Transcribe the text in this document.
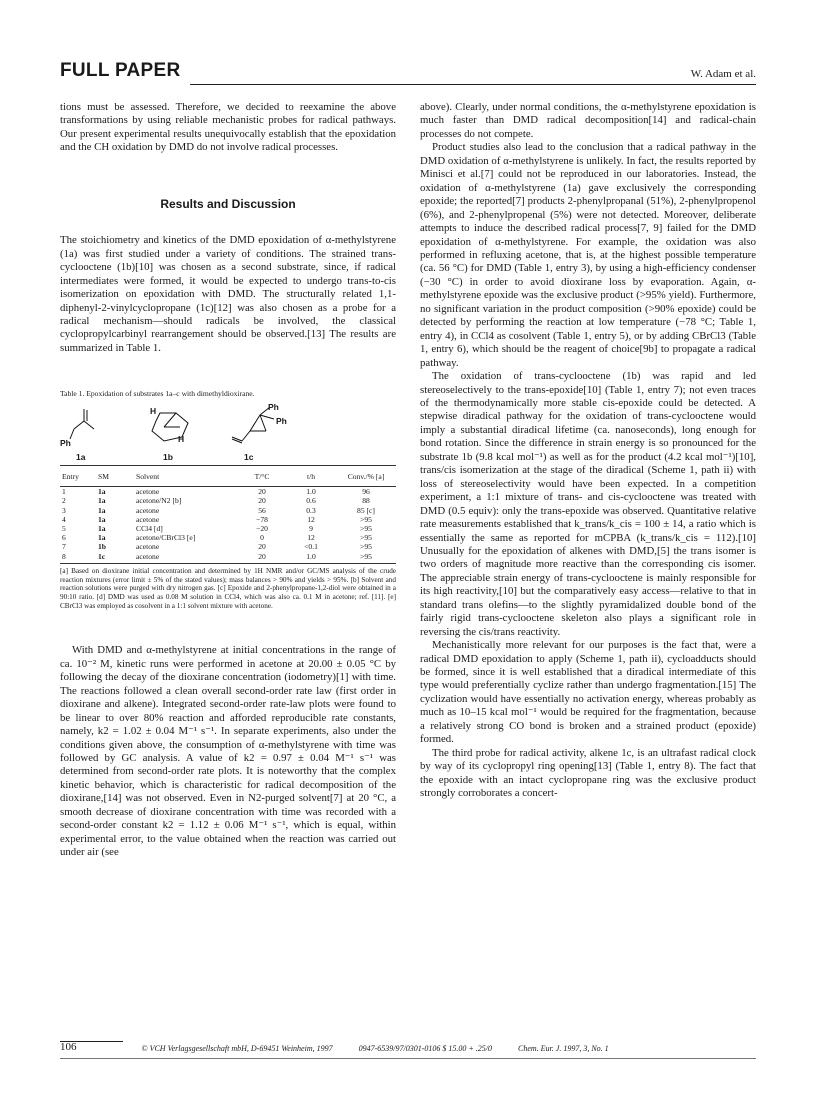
FULL PAPER	W. Adam et al.

tions must be assessed. Therefore, we decided to reexamine the above transformations by using reliable mechanistic probes for radical pathways. Our present experimental results unequivocally establish that the epoxidation and the CH oxidation by DMD do not involve radical processes.

Results and Discussion

The stoichiometry and kinetics of the DMD epoxidation of α-methylstyrene (1a) was first studied under a variety of conditions. The strained trans-cyclooctene (1b)[10] was chosen as a second substrate, since, if radical intermediates were formed, it would be expected to undergo trans-to-cis isomerization on epoxidation with DMD. The structurally related 1,1-diphenyl-2-vinylcyclopropane (1c)[12] was also chosen as a probe for a radical mechanism—should radicals be involved, the classical cyclopropylcarbinyl rearrangement should be observed.[13] The results are summarized in Table 1.

Table 1. Epoxidation of substrates 1a–c with dimethyldioxirane.

Ph
H
H
Ph
Ph
1a	1b	1c
Entry	SM	Solvent	T/°C	t/h	Conv./% [a]
1	1a	acetone	20	1.0	96
2	1a	acetone/N2 [b]	20	0.6	88
3	1a	acetone	56	0.3	85 [c]
4	1a	acetone	−78	12	>95
5	1a	CCl4 [d]	−20	9	>95
6	1a	acetone/CBrCl3 [e]	0	12	>95
7	1b	acetone	20	<0.1	>95
8	1c	acetone	20	1.0	>95

[a] Based on dioxirane initial concentration and determined by 1H NMR and/or GC/MS analysis of the crude reaction mixtures (error limit ± 5% of the stated values); mass balances > 90% and yields > 95%. [b] Solvent and reaction solutions were purged with dry nitrogen gas. [c] Epoxide and 2-phenylpropane-1,2-diol were obtained in a 90:10 ratio. [d] DMD was used as 0.08 M solution in CCl4, which was also ca. 0.1 M in acetone; ref. [11]. [e] CBrCl3 was employed as cosolvent in a 1:1 solvent mixture with acetone.

With DMD and α-methylstyrene at initial concentrations in the range of ca. 10⁻² M, kinetic runs were performed in acetone at 20.00 ± 0.05 °C by following the decay of the dioxirane concentration (iodometry)[1] with time. The reactions followed a clean overall second-order rate law (first order in dioxirane and alkene). Integrated second-order rate-law plots were found to be linear to over 80% reaction and afforded reproducible rate constants, namely, k2 = 1.02 ± 0.04 M⁻¹ s⁻¹. In separate experiments, also under the conditions given above, the consumption of α-methylstyrene with time was followed by GC analysis. A value of k2 = 0.97 ± 0.04 M⁻¹ s⁻¹ was determined from second-order rate plots. It is noteworthy that the complex kinetic behavior, which is characteristic for radical decomposition of the dioxirane,[14] was not observed. Even in N2-purged solvent[7] at 20 °C, a smooth decrease of dioxirane concentration with time was recorded with a second-order constant k2 = 1.12 ± 0.06 M⁻¹ s⁻¹, which is equal, within experimental error, to the value obtained when the reaction was carried out under air (see

above). Clearly, under normal conditions, the α-methylstyrene epoxidation is much faster than DMD radical decomposition[14] and radical-chain processes do not compete.

Product studies also lead to the conclusion that a radical pathway in the DMD oxidation of α-methylstyrene is unlikely. In fact, the results reported by Minisci et al.[7] could not be reproduced in our laboratories. Instead, the oxidation of α-methylstyrene (1a) gave exclusively the corresponding epoxide; the reported[7] products 2-phenylpropanal (51%), 2-phenylpropenol (6%), and 2-phenylpropenal (5%) were not detected. Moreover, deliberate attempts to induce the described radical process[7, 9] failed for the DMD epoxidation of α-methylstyrene. For example, the oxidation was also performed in refluxing acetone, that is, at the highest possible temperature (ca. 56 °C) for DMD (Table 1, entry 3), by using a high-efficiency condenser (−30 °C) in order to avoid dioxirane loss by evaporation. Again, α-methylstyrene epoxide was the exclusive product (>95% yield). Furthermore, no significant variation in the product composition (>90% epoxide) could be detected by performing the reaction at low temperature (−78 °C; Table 1, entry 4), in CCl4 as cosolvent (Table 1, entry 5), or by adding CBrCl3 (Table 1, entry 6), which should be the reagent of choice[9b] to propagate a radical pathway.

The oxidation of trans-cyclooctene (1b) was rapid and led stereoselectively to the trans-epoxide[10] (Table 1, entry 7); not even traces of the thermodynamically more stable cis-epoxide could be detected. A stepwise diradical pathway for the oxidation of trans-cyclooctene would imply a substantial diradical lifetime (ca. nanoseconds), long enough for bond rotation. Since the difference in strain energy is so pronounced for the substrate 1b (9.8 kcal mol⁻¹) as well as for the product (4.2 kcal mol⁻¹)[10], trans/cis isomerization at the stage of the diradical (Scheme 1, path ii) with loss of stereoselectivity would have been expected. In a competition experiment, a 1:1 mixture of trans- and cis-cyclooctene was treated with DMD (0.5 equiv): only the trans-epoxide was observed. Quantitative relative rate measurements established that k_trans/k_cis = 100 ± 14, a ratio which is essentially the same as reported for mCPBA (k_trans/k_cis = 112).[10] Unusually for the epoxidation of alkenes with DMD,[5] the trans isomer is two orders of magnitude more reactive than the corresponding cis isomer. The appreciable strain energy of trans-cyclooctene is mainly responsible for its high reactivity,[10] but the comparatively easy access—relative to that in standard trans olefins—to the slightly pyramidalized double bond of the fairly rigid trans-cyclooctene skeleton also plays a significant role in reversing the cis/trans reactivity.

Mechanistically more relevant for our purposes is the fact that, were a radical DMD epoxidation to apply (Scheme 1, path ii), cycloadducts should be formed, since it is well established that a diradical intermediate of this type would preferentially cyclize rather than undergo fragmentation.[15] The cyclization would have essentially no activation energy, whereas probably as much as 10–15 kcal mol⁻¹ would be required for the fragmentation, because a relatively strong CO bond is broken and a strained product (epoxide) formed.

The third probe for radical activity, alkene 1c, is an ultrafast radical clock by way of its cyclopropyl ring opening[13] (Table 1, entry 8). The fact that the epoxide with an intact cyclopropane ring was the exclusive product strongly corroborates a concert-

106	© VCH Verlagsgesellschaft mbH, D-69451 Weinheim, 1997	0947-6539/97/0301-0106 $ 15.00 + .25/0	Chem. Eur. J. 1997, 3, No. 1
